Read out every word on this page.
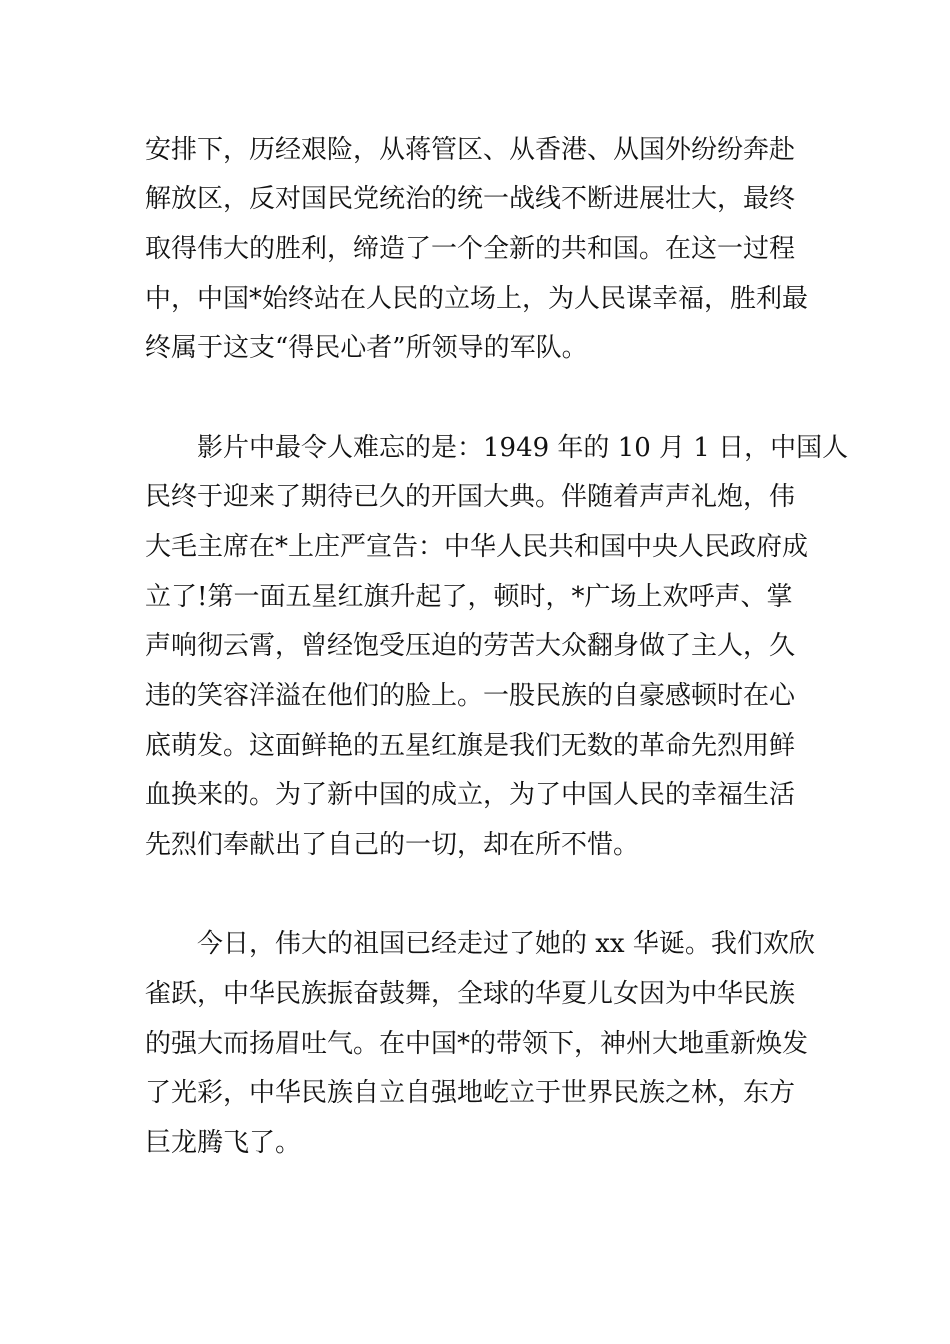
安排下，历经艰险，从蒋管区、从香港、从国外纷纷奔赴
解放区，反对国民党统治的统一战线不断进展壮大，最终
取得伟大的胜利，缔造了一个全新的共和国。在这一过程
中，中国*始终站在人民的立场上，为人民谋幸福，胜利最
终属于这支“得民心者”所领导的军队。
影片中最令人难忘的是：1949 年的 10 月 1 日，中国人
民终于迎来了期待已久的开国大典。伴随着声声礼炮，伟
大毛主席在*上庄严宣告：中华人民共和国中央人民政府成
立了!第一面五星红旗升起了，顿时，*广场上欢呼声、掌
声响彻云霄，曾经饱受压迫的劳苦大众翻身做了主人，久
违的笑容洋溢在他们的脸上。一股民族的自豪感顿时在心
底萌发。这面鲜艳的五星红旗是我们无数的革命先烈用鲜
血换来的。为了新中国的成立，为了中国人民的幸福生活
先烈们奉献出了自己的一切，却在所不惜。
今日，伟大的祖国已经走过了她的 xx 华诞。我们欢欣
雀跃，中华民族振奋鼓舞，全球的华夏儿女因为中华民族
的强大而扬眉吐气。在中国*的带领下，神州大地重新焕发
了光彩，中华民族自立自强地屹立于世界民族之林，东方
巨龙腾飞了。
